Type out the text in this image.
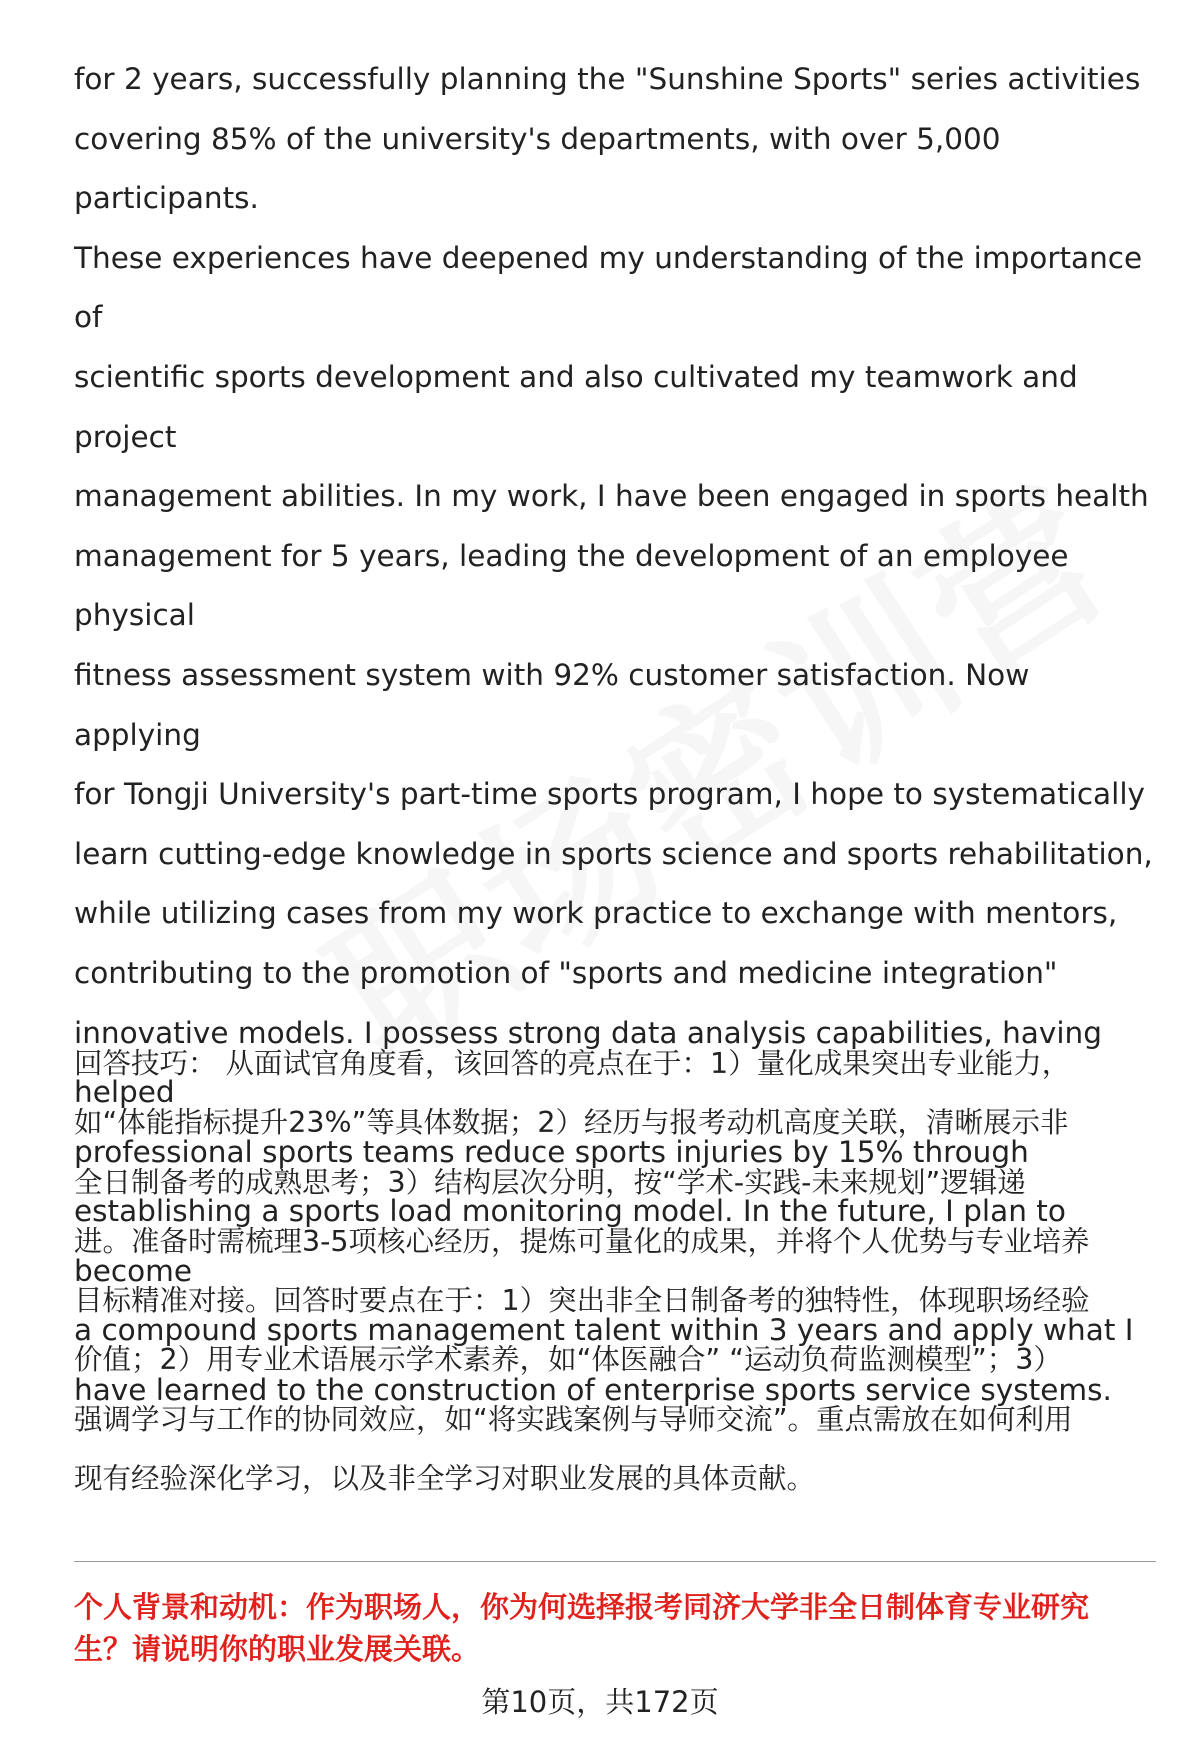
for 2 years, successfully planning the "Sunshine Sports" series activities
covering 85% of the university's departments, with over 5,000 participants.
These experiences have deepened my understanding of the importance of
scientific sports development and also cultivated my teamwork and project
management abilities. In my work, I have been engaged in sports health
management for 5 years, leading the development of an employee physical
fitness assessment system with 92% customer satisfaction. Now applying
for Tongji University's part-time sports program, I hope to systematically
learn cutting-edge knowledge in sports science and sports rehabilitation,
while utilizing cases from my work practice to exchange with mentors,
contributing to the promotion of "sports and medicine integration"
innovative models. I possess strong data analysis capabilities, having helped
professional sports teams reduce sports injuries by 15% through
establishing a sports load monitoring model. In the future, I plan to become
a compound sports management talent within 3 years and apply what I
have learned to the construction of enterprise sports service systems.

回答技巧： 从面试官角度看，该回答的亮点在于：1）量化成果突出专业能力，
如“体能指标提升23%”等具体数据；2）经历与报考动机高度关联，清晰展示非
全日制备考的成熟思考；3）结构层次分明，按“学术-实践-未来规划”逻辑递
进。准备时需梳理3-5项核心经历，提炼可量化的成果，并将个人优势与专业培养
目标精准对接。回答时要点在于：1）突出非全日制备考的独特性，体现职场经验
价值；2）用专业术语展示学术素养，如“体医融合” “运动负荷监测模型”；3）
强调学习与工作的协同效应，如“将实践案例与导师交流”。重点需放在如何利用
现有经验深化学习，以及非全学习对职业发展的具体贡献。

个人背景和动机：作为职场人，你为何选择报考同济大学非全日制体育专业研究
生？请说明你的职业发展关联。

第10页，共172页
